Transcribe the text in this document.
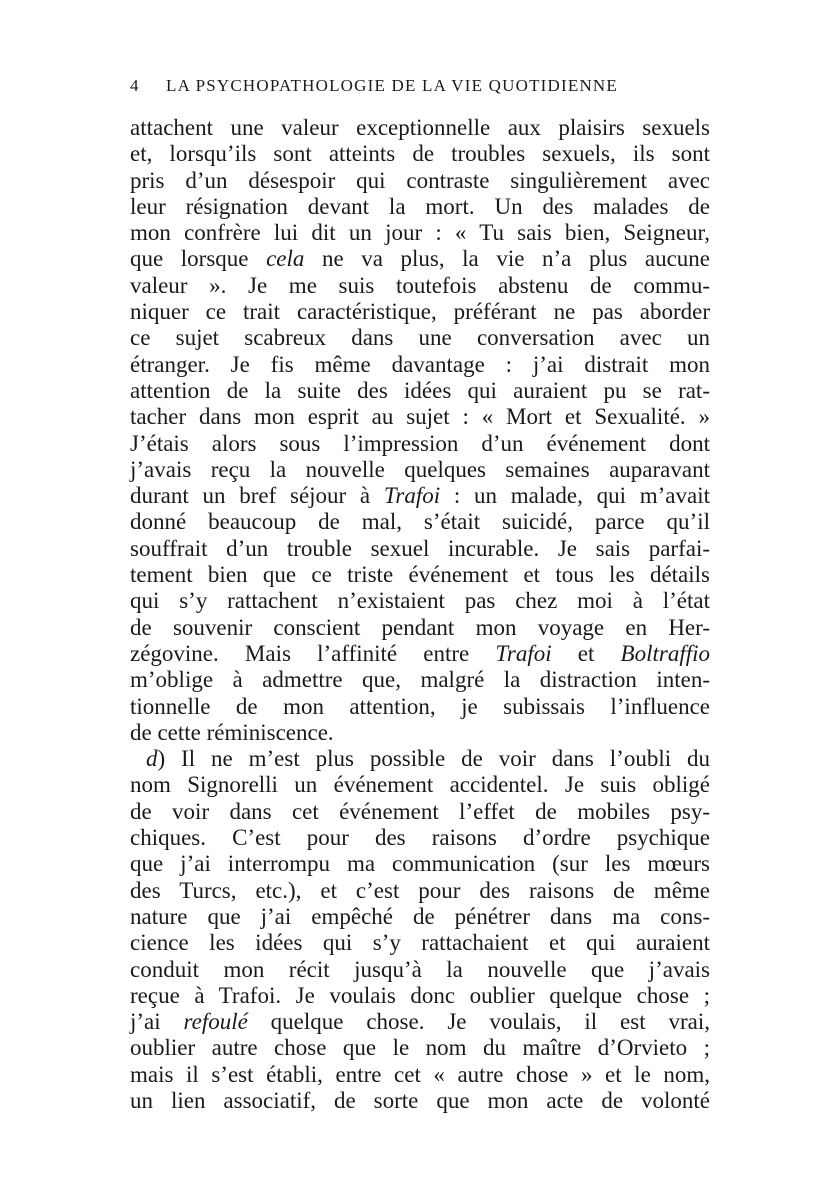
4	LA PSYCHOPATHOLOGIE DE LA VIE QUOTIDIENNE
attachent une valeur exceptionnelle aux plaisirs sexuels
et, lorsqu’ils sont atteints de troubles sexuels, ils sont
pris d’un désespoir qui contraste singulièrement avec
leur résignation devant la mort. Un des malades de
mon confrère lui dit un jour : « Tu sais bien, Seigneur,
que lorsque cela ne va plus, la vie n’a plus aucune
valeur ». Je me suis toutefois abstenu de commu-
niquer ce trait caractéristique, préférant ne pas aborder
ce sujet scabreux dans une conversation avec un
étranger. Je fis même davantage : j’ai distrait mon
attention de la suite des idées qui auraient pu se rat-
tacher dans mon esprit au sujet : « Mort et Sexualité. »
J’étais alors sous l’impression d’un événement dont
j’avais reçu la nouvelle quelques semaines auparavant
durant un bref séjour à Trafoi : un malade, qui m’avait
donné beaucoup de mal, s’était suicidé, parce qu’il
souffrait d’un trouble sexuel incurable. Je sais parfai-
tement bien que ce triste événement et tous les détails
qui s’y rattachent n’existaient pas chez moi à l’état
de souvenir conscient pendant mon voyage en Her-
zégovine. Mais l’affinité entre Trafoi et Boltraffio
m’oblige à admettre que, malgré la distraction inten-
tionnelle de mon attention, je subissais l’influence
de cette réminiscence.
d) Il ne m’est plus possible de voir dans l’oubli du
nom Signorelli un événement accidentel. Je suis obligé
de voir dans cet événement l’effet de mobiles psy-
chiques. C’est pour des raisons d’ordre psychique
que j’ai interrompu ma communication (sur les mœurs
des Turcs, etc.), et c’est pour des raisons de même
nature que j’ai empêché de pénétrer dans ma cons-
cience les idées qui s’y rattachaient et qui auraient
conduit mon récit jusqu’à la nouvelle que j’avais
reçue à Trafoi. Je voulais donc oublier quelque chose ;
j’ai refoulé quelque chose. Je voulais, il est vrai,
oublier autre chose que le nom du maître d’Orvieto ;
mais il s’est établi, entre cet « autre chose » et le nom,
un lien associatif, de sorte que mon acte de volonté
